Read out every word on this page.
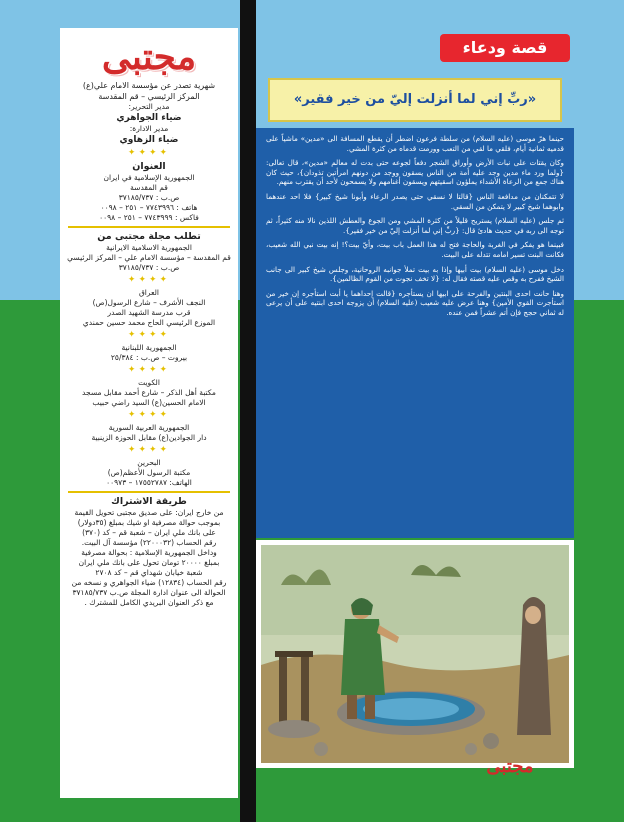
مجتبى
شهرية تصدر عن مؤسسة الامام علي(ع)
المركز الرئيسي – قم المقدسة
مدير التحرير:
ضياء الجواهري
مدير الادارة:
ضياء الزهاوي
✦✦✦✦
العنوان
الجمهورية الإسلامية في ايران
قم المقدسة
ص.ب : ٣٧١٨٥/٧٣٧
هاتف : ٧٧٤٣٩٩٦ – ٢٥١ – ٠٠٩٨
فاكس : ٧٧٤٣٩٩٩ – ٢٥١ – ٠٠٩٨
تطلب مجلة مجتبى من
الجمهورية الاسلامية الايرانية
قم المقدسة – مؤسسة الامام علي – المركز الرئيسي
ص.ب : ٣٧١٨٥/٧٣٧
✦✦✦✦
العراق
النجف الأشرف – شارع الرسول(ص)
قرب مدرسة الشهيد الصدر
الموزع الرئيسي الحاج محمد حسين حمندي
✦✦✦✦
الجمهورية اللبنانية
بيروت – ص.ب : ٢٥/٣٨٤
✦✦✦✦
الكويت
مكتبة أهل الذكر – شارع أحمد مقابل مسجد
الامام الحسين(ع) السيد راضي حبيب
✦✦✦✦
الجمهورية العربية السورية
دار الجوادين(ع) مقابل الحوزة الزينبية
✦✦✦✦
البحرين
مكتبة الرسول الأعظم(ص)
الهاتف: ١٧٥٥٢٧٨٧ – ٠٠٩٧٣
طريقة الاشتراك
من خارج ايران: على صديق مجتبى تحويل القيمة
بموجب حوالة مصرفية او شيك بمبلغ (٣٥دولار)
على بانك ملي ايران – شعبة قم – كد (٣٧٠)
رقم الحساب (٢٢٠٠٠٣٢) مؤسسة آل البيت.
وداخل الجمهورية الإسلامية : بحوالة مصرفية
بمبلغ ٢٠٠٠٠ تومان تحول على بانك ملي ايران
شعبة خيابان شهداي قم – كد ٢٧٠٨
رقم الحساب (١٢٨٣٤) ضياء الجواهري و نسخه من
الحوالة الى عنوان ادارة المجلة ص.ب ٣٧١٨٥/٧٣٧
مع ذكر العنوان البريدي الكامل للمشترك .
قصة ودعاء
«ربِّ إني لما أنزلت إليّ من خير فقير»

حينما هرّ موسى (عليه السلام) من سلطة فرعون اضطر أن يقطع المسافة الى «مدين» ماشياً على قدميه ثمانية أيام، فلقي ما لقي من التعب وورمت قدماه من كثرة المشي.

وكان يقتات على نبات الأرض وأوراق الشجر دفعاً لجوعه حتى بدت له معالم «مدين»، قال تعالى: {ولما ورد ماء مدين وجد عليه أمة من الناس يسقون ووجد من دونهم امرأتين تذودان}، حيث كان هناك جمع من الرعاة الأشداء يملؤون اسقيتهم ويسقون أغنامهم ولا يسمحون لأحد أن يقترب منهم.

لا تتمكنان من مدافعة الناس {قالتا لا نسقي حتى يصدر الرعاء وأبونا شيخ كبير} فلا احد عندهما وابوهما شيخ كبير لا يتمكن من السقي.

ثم جلس (عليه السلام) يستريح قليلاً من كثرة المشي ومن الجوع والعطش اللذين نالا منه كثيراً، ثم توجه الى ربه في حديث هادئ قال: {ربِّ إني لما أنزلت إليّ من خير فقير}.

فبينما هو يفكر في الغربة والحاجة فتح له هذا العمل باب بيت، وأيّ بيت؟! إنه بيت نبي الله شعيب، فكانت البنت تسير امامه تتدله على البيت.

دخل موسى (عليه السلام) بيت أبيها وإذا به بيت تملأ جوانبه الروحانية، وجلس شيخ كبير الى جانب الشيخ ففرح به وقص عليه قصته فقال له: {لا تخف نجوت من القوم الظالمين}.

وهنا حانت احدى البنتين والفرحة على ابيها ان يستأجره {قالت إحداهما يا أبت استأجره إن خير من استأجرت القوي الأمين} وهنا عرض عليه شعيب (عليه السلام) أن يزوجه احدى ابنتيه على أن يرعى له ثماني حجج فإن أتم عشراً فمن عنده.

مجتبى
